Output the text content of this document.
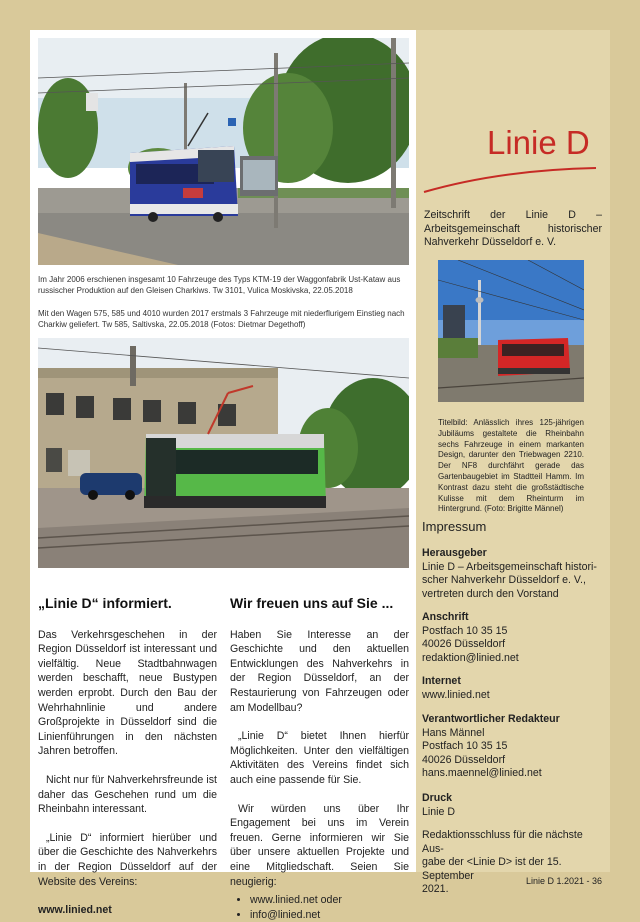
Im Jahr 2006 erschienen insgesamt 10 Fahrzeuge des Typs KTM-19 der Waggonfabrik Ust-Kataw aus russischer Produktion auf den Gleisen Charkiws. Tw 3101, Vulica Moskivska, 22.05.2018
Mit den Wagen 575, 585 und 4010 wurden 2017 erstmals 3 Fahrzeuge mit niederflurigem Einstieg nach Charkiw geliefert. Tw 585, Saltivska, 22.05.2018 (Fotos: Dietmar Degethoff)
Linie D
Zeitschrift der Linie D – Arbeitsgemeinschaft historischer Nahverkehr Düsseldorf e. V.
Titelbild: Anlässlich ihres 125-jährigen Jubiläums gestaltete die Rheinbahn sechs Fahrzeuge in einem markanten Design, darunter den Triebwagen 2210. Der NF8 durchfährt gerade das Gartenbaugebiet im Stadtteil Hamm. Im Kontrast dazu steht die großstädtische Kulisse mit dem Rheinturm im Hintergrund. (Foto: Brigitte Männel)
„Linie D“ informiert.

Das Verkehrsgeschehen in der Region Düsseldorf ist interessant und vielfältig. Neue Stadtbahnwagen werden beschafft, neue Bustypen werden erprobt. Durch den Bau der Wehrhahnlinie und andere Großprojekte in Düsseldorf sind die Linienführungen in den nächsten Jahren betroffen.

Nicht nur für Nahverkehrsfreunde ist daher das Geschehen rund um die Rheinbahn interessant.

„Linie D“ informiert hierüber und über die Geschichte des Nahverkehrs in der Region Düsseldorf auf der Website des Vereins:

www.linied.net
Wir freuen uns auf Sie ...

Haben Sie Interesse an der Geschichte und den aktuellen Entwicklungen des Nahverkehrs in der Region Düsseldorf, an der Restaurierung von Fahrzeugen oder am Modellbau?

„Linie D“ bietet Ihnen hierfür Möglichkeiten. Unter den vielfältigen Aktivitäten des Vereins findet sich auch eine passende für Sie.

Wir würden uns über Ihr Engagement bei uns im Verein freuen. Gerne informieren wir Sie über unsere aktuellen Projekte und eine Mitgliedschaft. Seien Sie neugierig:

• www.linied.net oder
• info@linied.net
Impressum
Herausgeber
Linie D – Arbeitsgemeinschaft histori-
scher Nahverkehr Düsseldorf e. V.,
vertreten durch den Vorstand
Anschrift
Postfach 10 35 15
40026 Düsseldorf
redaktion@linied.net
Internet
www.linied.net
Verantwortlicher Redakteur
Hans Männel
Postfach 10 35 15
40026 Düsseldorf
hans.maennel@linied.net
Druck
Linie D
Redaktionsschluss für die nächste Aus-
gabe der <Linie D> ist der 15. September
2021.
Linie D 1.2021 - 36
